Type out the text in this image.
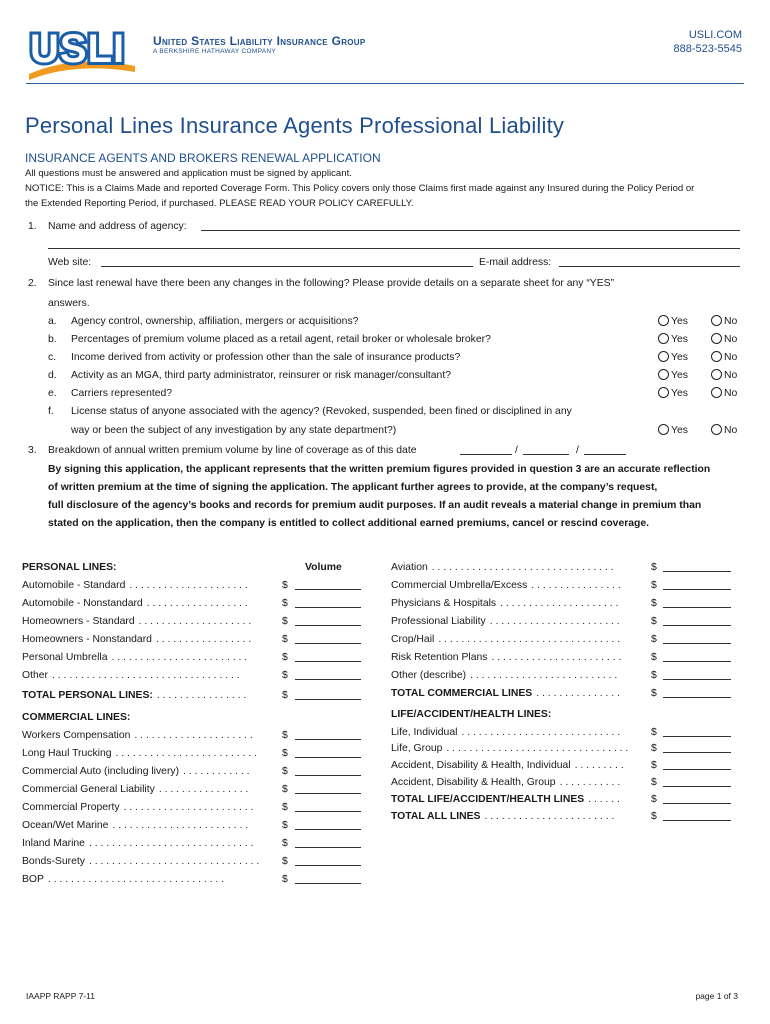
USLI United States Liability Insurance Group
A BERKSHIRE HATHAWAY COMPANY
USLI.COM
888-523-5545
Personal Lines Insurance Agents Professional Liability
INSURANCE AGENTS AND BROKERS RENEWAL APPLICATION
All questions must be answered and application must be signed by applicant.
NOTICE: This is a Claims Made and reported Coverage Form. This Policy covers only those Claims first made against any Insured during the Policy Period or
the Extended Reporting Period, if purchased. PLEASE READ YOUR POLICY CAREFULLY.
1. Name and address of agency:
Web site:	E-mail address:
2. Since last renewal have there been any changes in the following? Please provide details on a separate sheet for any “YES”
answers.
a. Agency control, ownership, affiliation, mergers or acquisitions?	Yes	No
b. Percentages of premium volume placed as a retail agent, retail broker or wholesale broker?	Yes	No
c. Income derived from activity or profession other than the sale of insurance products?	Yes	No
d. Activity as an MGA, third party administrator, reinsurer or risk manager/consultant?	Yes	No
e. Carriers represented?	Yes	No
f. License status of anyone associated with the agency? (Revoked, suspended, been fined or disciplined in any
way or been the subject of any investigation by any state department?)	Yes	No
3. Breakdown of annual written premium volume by line of coverage as of this date	/	/
By signing this application, the applicant represents that the written premium figures provided in question 3 are an accurate reflection
of written premium at the time of signing the application. The applicant further agrees to provide, at the company’s request,
full disclosure of the agency’s books and records for premium audit purposes. If an audit reveals a material change in premium than
stated on the application, then the company is entitled to collect additional earned premiums, cancel or rescind coverage.
PERSONAL LINES:	Volume
Automobile - Standard . . . . . . . . . . . . . . . . . . . . .	$
Automobile - Nonstandard . . . . . . . . . . . . . . . . . .	$
Homeowners - Standard . . . . . . . . . . . . . . . . . . . .	$
Homeowners - Nonstandard . . . . . . . . . . . . . . . . .	$
Personal Umbrella . . . . . . . . . . . . . . . . . . . . . . . .	$
Other . . . . . . . . . . . . . . . . . . . . . . . . . . . . . . . . .	$
TOTAL PERSONAL LINES: . . . . . . . . . . . . . . . .	$
COMMERCIAL LINES:
Workers Compensation . . . . . . . . . . . . . . . . . . . . .	$
Long Haul Trucking . . . . . . . . . . . . . . . . . . . . . . . . .	$
Commercial Auto (including livery) . . . . . . . . . . . .	$
Commercial General Liability . . . . . . . . . . . . . . . .	$
Commercial Property . . . . . . . . . . . . . . . . . . . . . . .	$
Ocean/Wet Marine . . . . . . . . . . . . . . . . . . . . . . . .	$
Inland Marine . . . . . . . . . . . . . . . . . . . . . . . . . . . . .	$
Bonds-Surety . . . . . . . . . . . . . . . . . . . . . . . . . . . . . .	$
BOP . . . . . . . . . . . . . . . . . . . . . . . . . . . . . . .	$
Aviation . . . . . . . . . . . . . . . . . . . . . . . . . . . . . . . .	$
Commercial Umbrella/Excess . . . . . . . . . . . . . . . .	$
Physicians & Hospitals . . . . . . . . . . . . . . . . . . . . .	$
Professional Liability . . . . . . . . . . . . . . . . . . . . . . .	$
Crop/Hail . . . . . . . . . . . . . . . . . . . . . . . . . . . . . . . .	$
Risk Retention Plans . . . . . . . . . . . . . . . . . . . . . . .	$
Other (describe) . . . . . . . . . . . . . . . . . . . . . . . . . .	$
TOTAL COMMERCIAL LINES . . . . . . . . . . . . . . .	$
LIFE/ACCIDENT/HEALTH LINES:
Life, Individual . . . . . . . . . . . . . . . . . . . . . . . . . . . .	$
Life, Group . . . . . . . . . . . . . . . . . . . . . . . . . . . . . . . .	$
Accident, Disability & Health, Individual . . . . . . . . .	$
Accident, Disability & Health, Group . . . . . . . . . . .	$
TOTAL LIFE/ACCIDENT/HEALTH LINES . . . . . .	$
TOTAL ALL LINES . . . . . . . . . . . . . . . . . . . . . . .	$
IAAPP RAPP 7-11	page 1 of 3
